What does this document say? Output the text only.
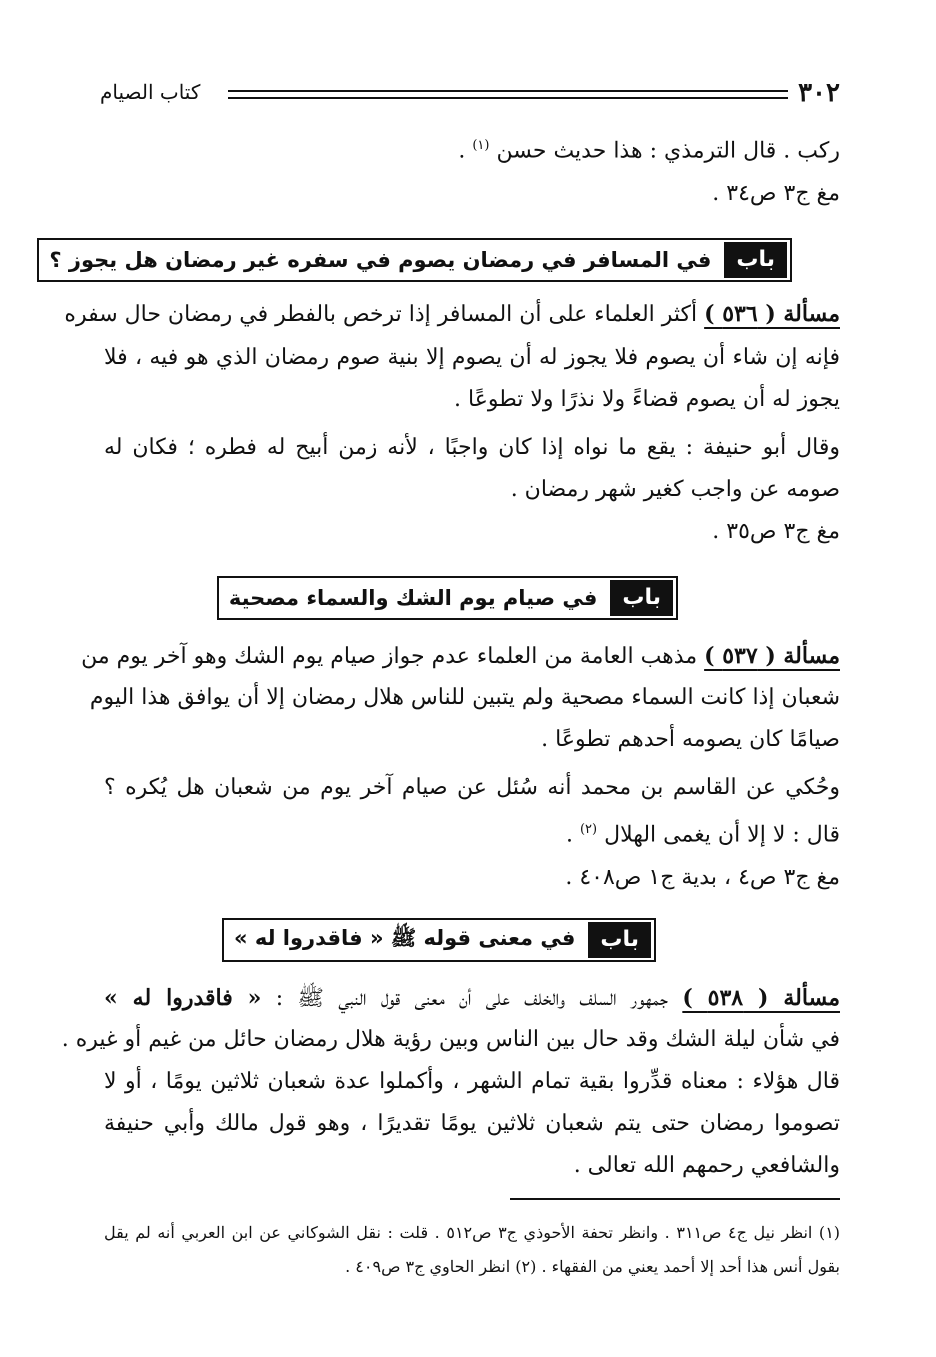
٣٠٢
كتاب الصيام
ركب . قال الترمذي : هذا حديث حسن $^{(١)}$ .
مغ ج٣ ص٣٤ .
باب
في المسافر في رمضان يصوم في سفره غير رمضان هل يجوز ؟
مسألة ( ٥٣٦ ) أكثر العلماء على أن المسافر إذا ترخص بالفطر في رمضان حال سفره
فإنه إن شاء أن يصوم فلا يجوز له أن يصوم إلا بنية صوم رمضان الذي هو فيه ، فلا
يجوز له أن يصوم قضاءً ولا نذرًا ولا تطوعًا .
وقال أبو حنيفة : يقع ما نواه إذا كان واجبًا ، لأنه زمن أبيح له فطره ؛ فكان له
صومه عن واجب كغير شهر رمضان .
مغ ج٣ ص٣٥ .
باب
في صيام يوم الشك والسماء مصحية
مسألة ( ٥٣٧ ) مذهب العامة من العلماء عدم جواز صيام يوم الشك وهو آخر يوم من
شعبان إذا كانت السماء مصحية ولم يتبين للناس هلال رمضان إلا أن يوافق هذا اليوم
صيامًا كان يصومه أحدهم تطوعًا .
وحُكي عن القاسم بن محمد أنه سُئل عن صيام آخر يوم من شعبان هل يُكره ؟
قال : لا إلا أن يغمى الهلال $^{(٢)}$ .
مغ ج٣ ص٤ ، بدية ج١ ص٤٠٨ .
باب
في معنى قوله ﷺ « فاقدروا له »
مسألة ( ٥٣٨ ) جمهور السلف والخلف على أن معنى قول النبي ﷺ : « فاقدروا له »
في شأن ليلة الشك وقد حال بين الناس وبين رؤية هلال رمضان حائل من غيم أو غيره .
قال هؤلاء : معناه قدِّروا بقية تمام الشهر ، وأكملوا عدة شعبان ثلاثين يومًا ، أو لا
تصوموا رمضان حتى يتم شعبان ثلاثين يومًا تقديرًا ، وهو قول مالك وأبي حنيفة
والشافعي رحمهم الله تعالى .
(١) انظر نيل ج٤ ص٣١١ . وانظر تحفة الأحوذي ج٣ ص٥١٢ . قلت : نقل الشوكاني عن ابن العربي أنه لم يقل
بقول أنس هذا أحد إلا أحمد يعني من الفقهاء . (٢) انظر الحاوي ج٣ ص٤٠٩ .
